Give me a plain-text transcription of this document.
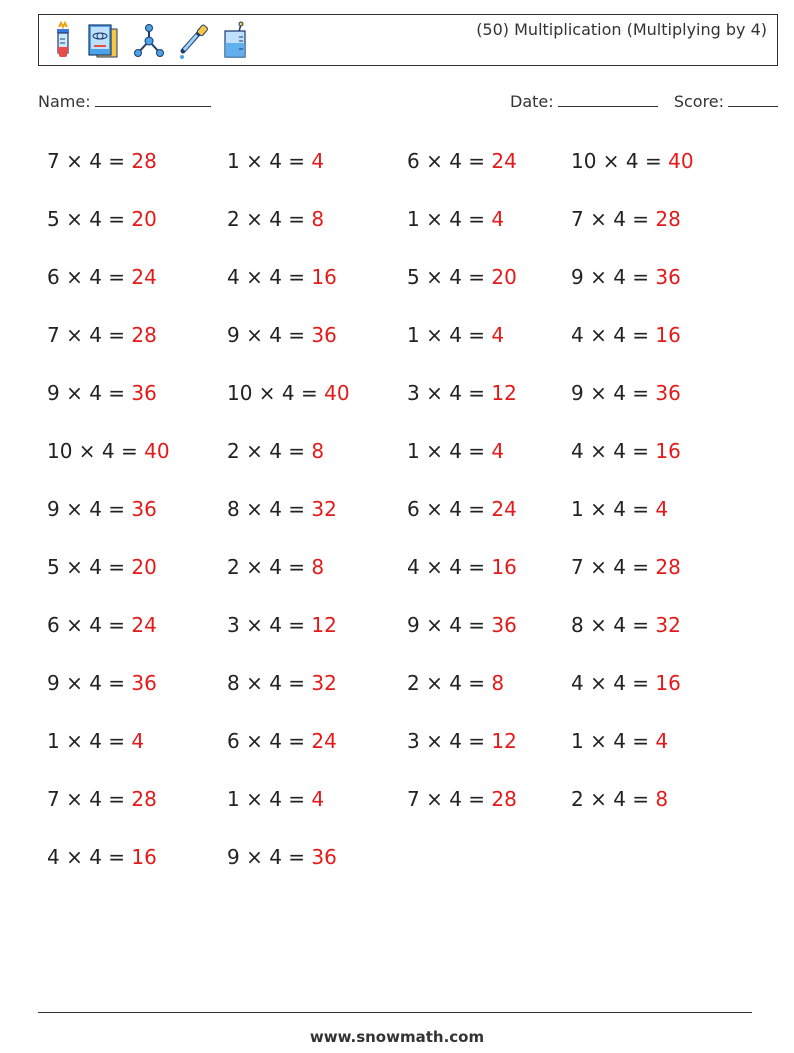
(50) Multiplication (Multiplying by 4)
Name:	Date:	Score:
7 × 4 = 28
5 × 4 = 20
6 × 4 = 24
7 × 4 = 28
9 × 4 = 36
10 × 4 = 40
9 × 4 = 36
5 × 4 = 20
6 × 4 = 24
9 × 4 = 36
1 × 4 = 4
7 × 4 = 28
4 × 4 = 16
1 × 4 = 4
2 × 4 = 8
4 × 4 = 16
9 × 4 = 36
10 × 4 = 40
2 × 4 = 8
8 × 4 = 32
2 × 4 = 8
3 × 4 = 12
8 × 4 = 32
6 × 4 = 24
1 × 4 = 4
9 × 4 = 36
6 × 4 = 24
1 × 4 = 4
5 × 4 = 20
1 × 4 = 4
3 × 4 = 12
1 × 4 = 4
6 × 4 = 24
4 × 4 = 16
9 × 4 = 36
2 × 4 = 8
3 × 4 = 12
7 × 4 = 28
10 × 4 = 40
7 × 4 = 28
9 × 4 = 36
4 × 4 = 16
9 × 4 = 36
4 × 4 = 16
1 × 4 = 4
7 × 4 = 28
8 × 4 = 32
4 × 4 = 16
1 × 4 = 4
2 × 4 = 8
www.snowmath.com
